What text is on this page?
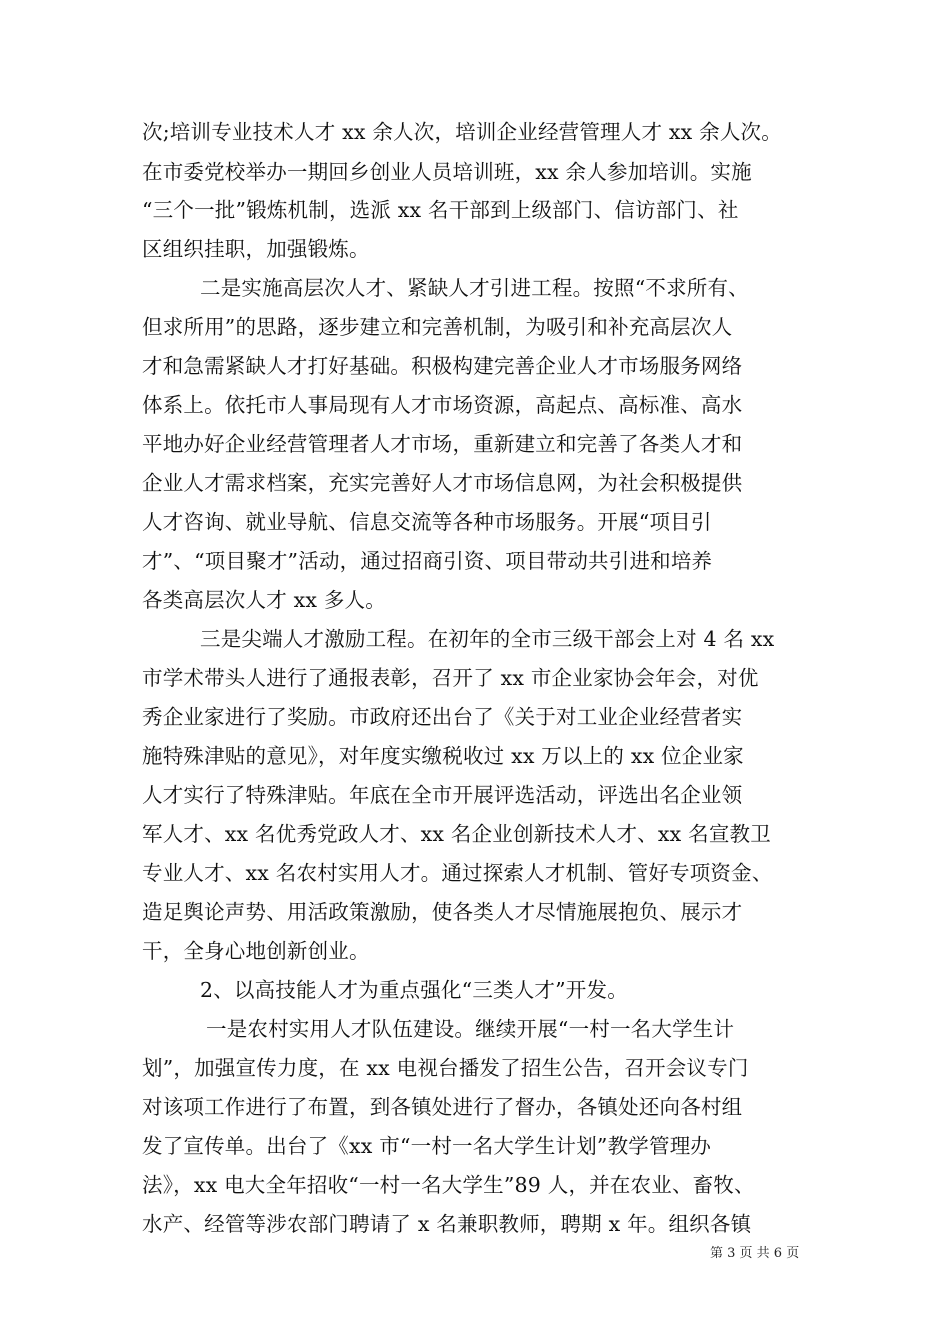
次;培训专业技术人才 xx 余人次，培训企业经营管理人才 xx 余人次。
在市委党校举办一期回乡创业人员培训班，xx 余人参加培训。实施
“三个一批”锻炼机制，选派 xx 名干部到上级部门、信访部门、社
区组织挂职，加强锻炼。
二是实施高层次人才、紧缺人才引进工程。按照“不求所有、
但求所用”的思路，逐步建立和完善机制，为吸引和补充高层次人
才和急需紧缺人才打好基础。积极构建完善企业人才市场服务网络
体系上。依托市人事局现有人才市场资源，高起点、高标准、高水
平地办好企业经营管理者人才市场，重新建立和完善了各类人才和
企业人才需求档案，充实完善好人才市场信息网，为社会积极提供
人才咨询、就业导航、信息交流等各种市场服务。开展“项目引
才”、“项目聚才”活动，通过招商引资、项目带动共引进和培养
各类高层次人才 xx 多人。
三是尖端人才激励工程。在初年的全市三级干部会上对 4 名 xx
市学术带头人进行了通报表彰，召开了 xx 市企业家协会年会，对优
秀企业家进行了奖励。市政府还出台了《关于对工业企业经营者实
施特殊津贴的意见》，对年度实缴税收过 xx 万以上的 xx 位企业家
人才实行了特殊津贴。年底在全市开展评选活动，评选出名企业领
军人才、xx 名优秀党政人才、xx 名企业创新技术人才、xx 名宣教卫
专业人才、xx 名农村实用人才。通过探索人才机制、管好专项资金、
造足舆论声势、用活政策激励，使各类人才尽情施展抱负、展示才
干，全身心地创新创业。
2、以高技能人才为重点强化“三类人才”开发。
一是农村实用人才队伍建设。继续开展“一村一名大学生计
划”，加强宣传力度，在 xx 电视台播发了招生公告，召开会议专门
对该项工作进行了布置，到各镇处进行了督办，各镇处还向各村组
发了宣传单。出台了《xx 市“一村一名大学生计划”教学管理办
法》，xx 电大全年招收“一村一名大学生”89 人，并在农业、畜牧、
水产、经管等涉农部门聘请了 x 名兼职教师，聘期 x 年。组织各镇
第 3 页 共 6 页
